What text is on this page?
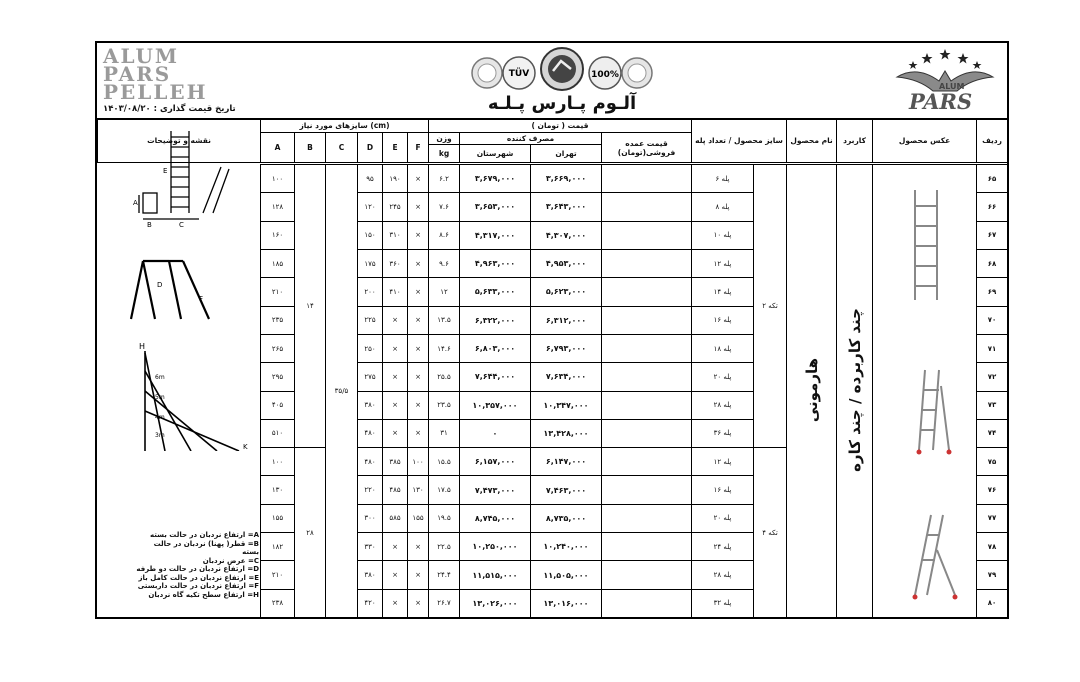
ALUM
PARS
PELLEH
تاریخ قیمت گذاری : ۱۴۰۳/۰۸/۲۰
TÜV	100%
آلـوم پـارس پـلـه
ALUM
PARS
نقشه و توضیحات	سایزهای مورد نیاز (cm)						قیمت ( تومان )				سایز محصول / تعداد پله	نام محصول	کاربرد	عکس محصول	ردیف
	A	B	C	D	E	F	وزن	مصرف کننده		قیمت عمده فروشی(تومان)					
							kg	شهرستان	تهران						
۱۰۰	۱۴	۳۵/۵	۹۵	۱۹۰	×	۶.۲	۳,۶۷۹,۰۰۰	۳,۶۶۹,۰۰۰		۶ پله	۲ تکه	هارمونی	چند کاربرده / چند کاره		۶۵
۱۲۸			۱۲۰	۲۴۵	×	۷.۶	۳,۶۵۳,۰۰۰	۳,۶۴۳,۰۰۰		۸ پله					۶۶
۱۶۰			۱۵۰	۳۱۰	×	۸.۶	۴,۳۱۷,۰۰۰	۴,۳۰۷,۰۰۰		۱۰ پله					۶۷
۱۸۵			۱۷۵	۳۶۰	×	۹.۶	۴,۹۶۳,۰۰۰	۴,۹۵۳,۰۰۰		۱۲ پله					۶۸
۲۱۰			۲۰۰	۴۱۰	×	۱۲	۵,۶۳۳,۰۰۰	۵,۶۲۳,۰۰۰		۱۴ پله					۶۹
۲۳۵			۲۲۵	×	×	۱۳.۵	۶,۳۲۲,۰۰۰	۶,۳۱۲,۰۰۰		۱۶ پله					۷۰
۲۶۵			۲۵۰	×	×	۱۴.۶	۶,۸۰۳,۰۰۰	۶,۷۹۳,۰۰۰		۱۸ پله					۷۱
۲۹۵			۲۷۵	×	×	۲۵.۵	۷,۶۴۴,۰۰۰	۷,۶۳۴,۰۰۰		۲۰ پله					۷۲
۴۰۵			۳۸۰	×	×	۲۳.۵	۱۰,۳۵۷,۰۰۰	۱۰,۳۴۷,۰۰۰		۲۸ پله					۷۳
۵۱۰			۴۸۰	×	×	۳۱	۰	۱۳,۴۲۸,۰۰۰		۳۶ پله					۷۴
۱۰۰	۲۸		۴۸۰	۳۸۵	۱۰۰	۱۵.۵	۶,۱۵۷,۰۰۰	۶,۱۴۷,۰۰۰		۱۲ پله	۴ تکه				۷۵
۱۳۰			۲۲۰	۴۸۵	۱۳۰	۱۷.۵	۷,۴۷۳,۰۰۰	۷,۴۶۳,۰۰۰		۱۶ پله					۷۶
۱۵۵			۳۰۰	۵۸۵	۱۵۵	۱۹.۵	۸,۷۴۵,۰۰۰	۸,۷۳۵,۰۰۰		۲۰ پله					۷۷
۱۸۲			۳۳۰	×	×	۲۲.۵	۱۰,۲۵۰,۰۰۰	۱۰,۲۴۰,۰۰۰		۲۴ پله					۷۸
۲۱۰			۳۸۰	×	×	۲۴.۴	۱۱,۵۱۵,۰۰۰	۱۱,۵۰۵,۰۰۰		۲۸ پله					۷۹
۲۳۸			۴۲۰	×	×	۲۶.۷	۱۳,۰۲۶,۰۰۰	۱۳,۰۱۶,۰۰۰		۳۲ پله					۸۰
E
B	C
A
D
F
H
6m
5m
4m
3m
K
A= ارتفاع نردبان در حالت بسته
B= قطر( پهنا) نردبان در حالت بسته
C= عرض نردبان
D= ارتفاع نردبان در حالت دو طرفه
E= ارتفاع نردبان در حالت کامل باز
F= ارتفاع نردبان در حالت داربستی
H= ارتفاع سطح تکیه گاه نردبان
